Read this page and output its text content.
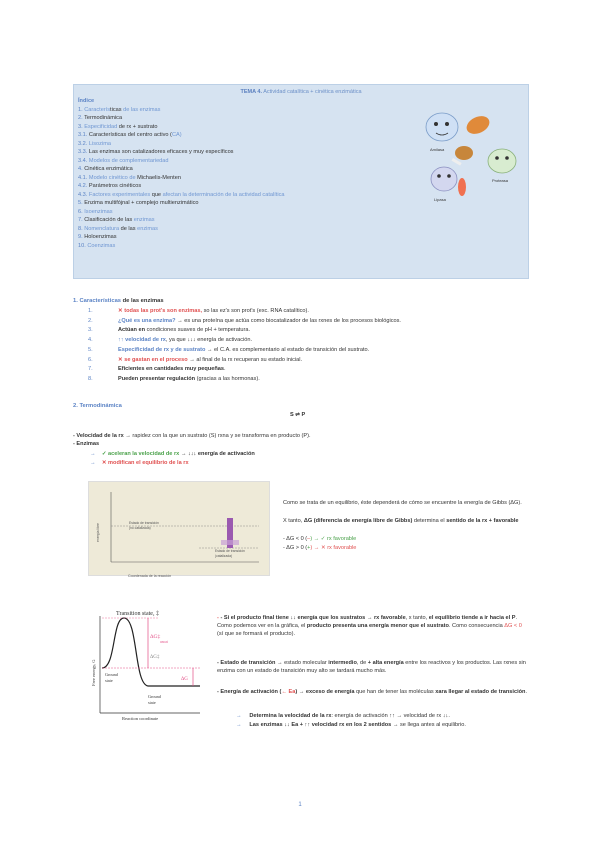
TEMA 4. Actividad catalítica + cinética enzimática
Índice
1. Características de las enzimas
2. Termodinámica
3. Especificidad de rx + sustrato
3.1. Características del centro activo (CA)
3.2. Lisozima
3.3. Las enzimas son catalizadores eficaces y muy específicos
3.4. Modelos de complementariedad
4. Cinética enzimática
4.1. Modelo cinético de Michaelis-Menten
4.2. Parámetros cinéticos
4.3. Factores experimentales que afectan la determinación de la actividad catalítica
5. Enzima multifójnal + complejo multienzimático
6. Isoenzimas
7. Clasificación de las enzimas
8. Nomenclatura de las enzimas
9. Holoenzimas
10. Coenzimas
Amilasa
Proteasa
Lipasa
1. Características de las enzimas
1.	✕ todas las prot's son enzimas, so las ez's son prot's (exc. RNA catalítico).
2.	¿Qué es una enzima? → es una proteína que actúa como biocatalizador de las rxnes de los procesos biológicos.
3.	Actúan en condiciones suaves de pH + temperatura.
4.	↑↑ velocidad de rx, ya que ↓↓↓ energía de activación.
5.	Especificidad de rx y de sustrato → el C.A. es complementario al estado de transición del sustrato.
6.	✕ se gastan en el proceso → al final de la rx recuperan su estado inicial.
7.	Eficientes en cantidades muy pequeñas.
8.	Pueden presentar regulación (gracias a las hormonas).
2. Termodinámica
S ⇌ P
- Velocidad de la rx → rapidez con la que un sustrato (S) rxna y se transforma en producto (P).
- Enzimas
→ ✓ aceleran la velocidad de rx → ↓↓↓ energía de activación
→ ✕ modifican el equilibrio de la rx
energía libre
Estado de transición
(no catalizada)
Estado de transición
(catalizada)
Coordenada de la reacción
Como se trata de un equilibrio, éste dependerá de cómo se encuentre la energía de Gibbs (ΔG).
X tanto, ΔG (diferencia de energía libre de Gibbs) determina el sentido de la rx + favorable
- ΔG < 0 (–) → ✓ rx favorable
- ΔG > 0 (+) → ✕ rx favorable
Transition state, ‡
Free energy, G
ΔG‡
uncat
ΔG‡
ΔG
Ground
state
Ground
state
Reaction coordinate
- - Si el producto final tiene ↓↓ energía que los sustratos → rx favorable, x tanto, el equilibrio tiende a ir hacia el P.
Como podemos ver en la gráfica, el producto presenta una energía menor que el sustrato. Como consecuencia ΔG < 0 (sí que se formará el producto).
- Estado de transición → estado molecular intermedio, de + alta energía entre los reactivos y los productos. Las rxnes sin enzima con un estado de transición muy alto se tardará mucho más.
- Energía de activación (← Ea) → exceso de energía que han de tener las moléculas xara llegar al estado de transición.
→ Determina la velocidad de la rx: energía de activación ↑↑ → velocidad de rx ↓↓.
→ Las enzimas ↓↓ Ea + ↑↑ velocidad rx en los 2 sentidos → se llega antes al equilibrio.
1
